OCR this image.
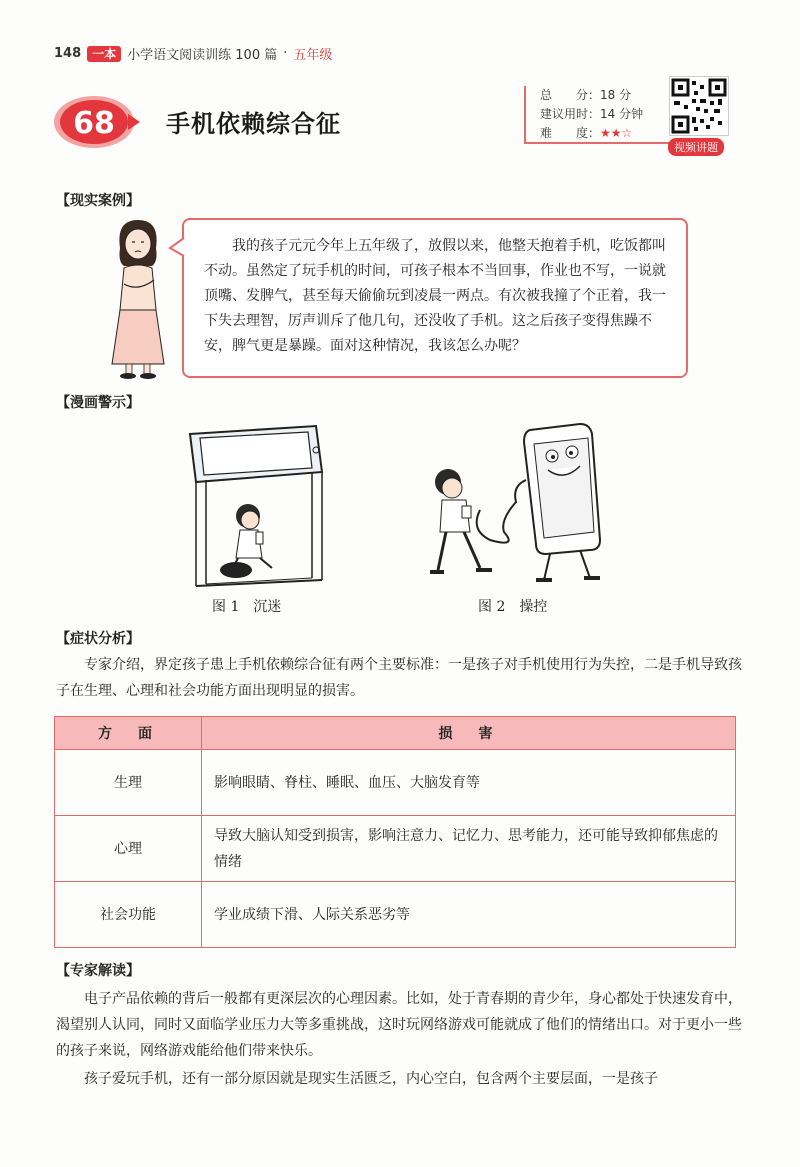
148 一本 小学语文阅读训练 100 篇 · 五年级
68 手机依赖综合征
总　　分：18 分
建议用时：14 分钟
难　　度：★★☆
视频讲题
【现实案例】
我的孩子元元今年上五年级了，放假以来，他整天抱着手机，吃饭都叫不动。虽然定了玩手机的时间，可孩子根本不当回事，作业也不写，一说就顶嘴、发脾气，甚至每天偷偷玩到凌晨一两点。有次被我撞了个正着，我一下失去理智，厉声训斥了他几句，还没收了手机。这之后孩子变得焦躁不安，脾气更是暴躁。面对这种情况，我该怎么办呢？
【漫画警示】
图 1　沉迷	图 2　操控
【症状分析】
专家介绍，界定孩子患上手机依赖综合征有两个主要标准：一是孩子对手机使用行为失控，二是手机导致孩子在生理、心理和社会功能方面出现明显的损害。
方　面	损　害
生理	影响眼睛、脊柱、睡眠、血压、大脑发育等
心理	导致大脑认知受到损害，影响注意力、记忆力、思考能力，还可能导致抑郁焦虑的情绪
社会功能	学业成绩下滑、人际关系恶劣等
【专家解读】
电子产品依赖的背后一般都有更深层次的心理因素。比如，处于青春期的青少年，身心都处于快速发育中，渴望别人认同，同时又面临学业压力大等多重挑战，这时玩网络游戏可能就成了他们的情绪出口。对于更小一些的孩子来说，网络游戏能给他们带来快乐。
孩子爱玩手机，还有一部分原因就是现实生活匮乏，内心空白，包含两个主要层面，一是孩子
